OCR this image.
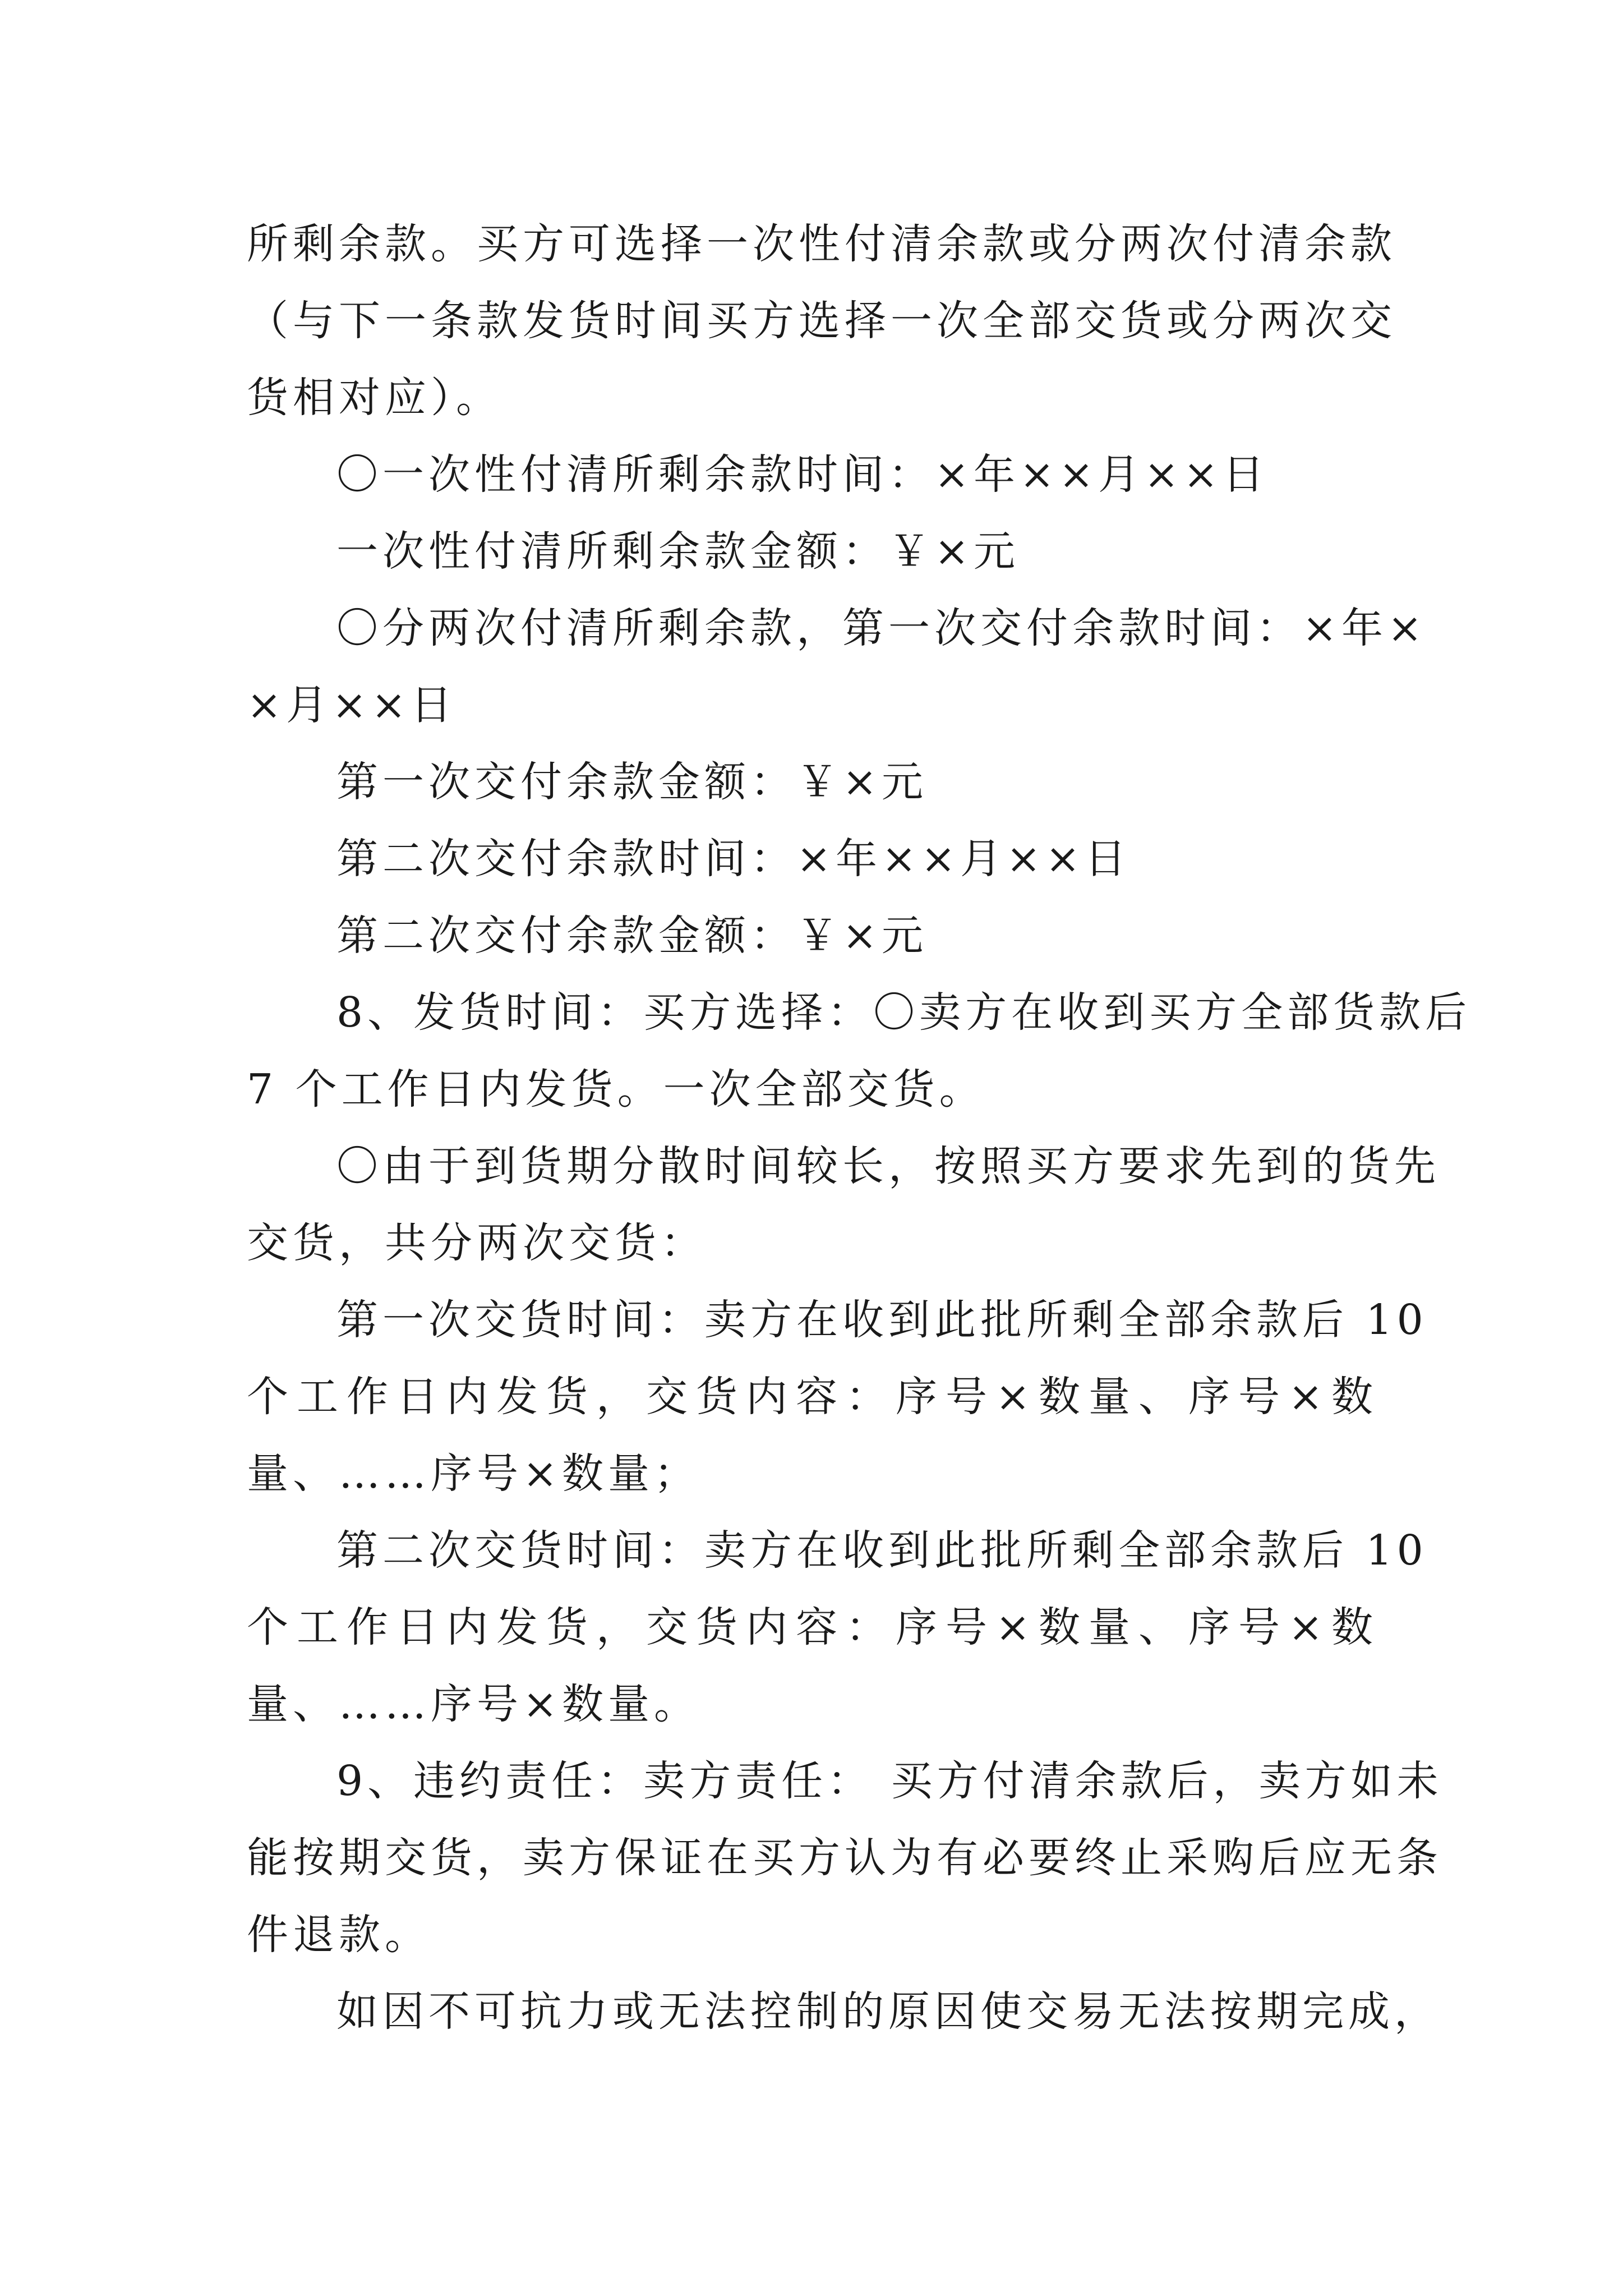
所剩余款。买方可选择一次性付清余款或分两次付清余款
（与下一条款发货时间买方选择一次全部交货或分两次交
货相对应）。
〇一次性付清所剩余款时间：×年××月××日
一次性付清所剩余款金额：￥×元
〇分两次付清所剩余款，第一次交付余款时间：×年×
×月××日
第一次交付余款金额：￥×元
第二次交付余款时间：×年××月××日
第二次交付余款金额：￥×元
8、发货时间：买方选择：〇卖方在收到买方全部货款后
7 个工作日内发货。一次全部交货。
〇由于到货期分散时间较长，按照买方要求先到的货先
交货，共分两次交货：
第一次交货时间：卖方在收到此批所剩全部余款后 10
个工作日内发货，交货内容：序号×数量、序号×数
量、……序号×数量；
第二次交货时间：卖方在收到此批所剩全部余款后 10
个工作日内发货，交货内容：序号×数量、序号×数
量、……序号×数量。
9、违约责任：卖方责任： 买方付清余款后，卖方如未
能按期交货，卖方保证在买方认为有必要终止采购后应无条
件退款。
如因不可抗力或无法控制的原因使交易无法按期完成，
